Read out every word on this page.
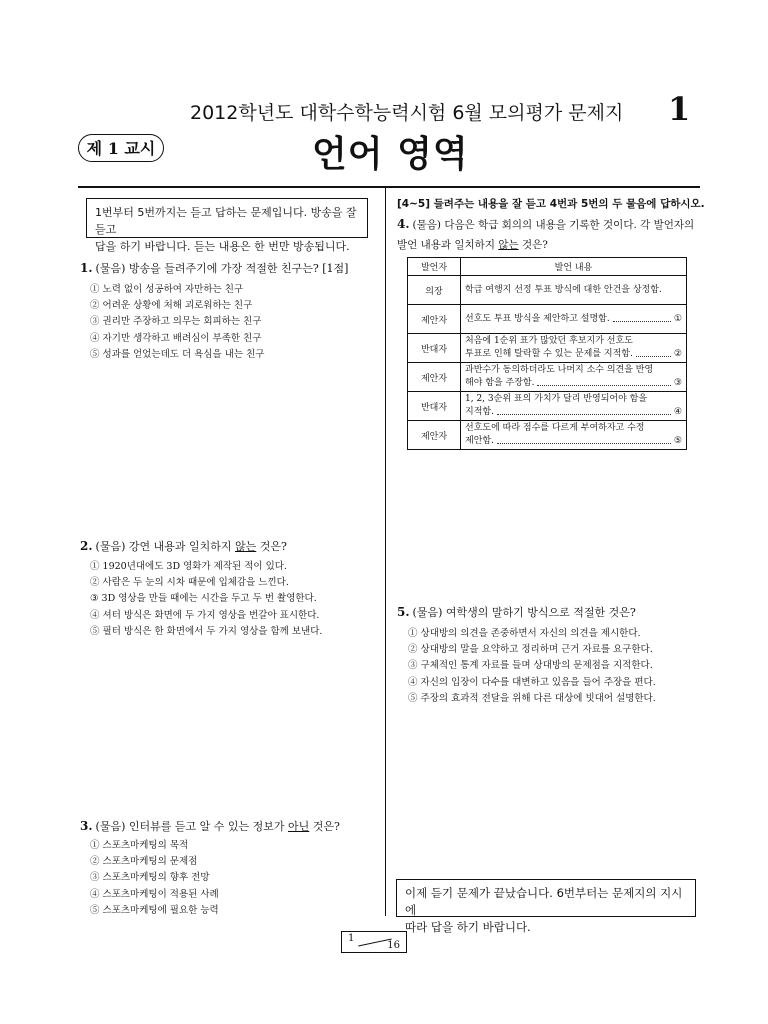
2012학년도 대학수학능력시험 6월 모의평가 문제지 1
제 1 교시	언어 영역
1번부터 5번까지는 듣고 답하는 문제입니다. 방송을 잘 듣고
답을 하기 바랍니다. 듣는 내용은 한 번만 방송됩니다.
1. (물음) 방송을 들려주기에 가장 적절한 친구는? [1점]
① 노력 없이 성공하여 자만하는 친구
② 어려운 상황에 처해 괴로워하는 친구
③ 권리만 주장하고 의무는 회피하는 친구
④ 자기만 생각하고 배려심이 부족한 친구
⑤ 성과를 얻었는데도 더 욕심을 내는 친구
2. (물음) 강연 내용과 일치하지 않는 것은?
① 1920년대에도 3D 영화가 제작된 적이 있다.
② 사람은 두 눈의 시차 때문에 입체감을 느낀다.
③ 3D 영상을 만들 때에는 시간을 두고 두 번 촬영한다.
④ 셔터 방식은 화면에 두 가지 영상을 번갈아 표시한다.
⑤ 필터 방식은 한 화면에서 두 가지 영상을 함께 보낸다.
3. (물음) 인터뷰를 듣고 알 수 있는 정보가 아닌 것은?
① 스포츠마케팅의 목적
② 스포츠마케팅의 문제점
③ 스포츠마케팅의 향후 전망
④ 스포츠마케팅이 적용된 사례
⑤ 스포츠마케팅에 필요한 능력
[4~5] 들려주는 내용을 잘 듣고 4번과 5번의 두 물음에 답하시오.
4. (물음) 다음은 학급 회의의 내용을 기록한 것이다. 각 발언자의 발언 내용과 일치하지 않는 것은?
발언자	발언 내용
의장	학급 여행지 선정 투표 방식에 대한 안건을 상정함.
제안자	선호도 투표 방식을 제안하고 설명함. ①

반대자	처음에 1순위 표가 많았던 후보지가 선호도
투표로 인해 탈락할 수 있는 문제를 지적함. ②

제안자	과반수가 동의하더라도 나머지 소수 의견을 반영
해야 함을 주장함. ③

반대자	1, 2, 3순위 표의 가치가 달리 반영되어야 함을
지적함. ④

제안자	선호도에 따라 점수를 다르게 부여하자고 수정
제안함. ⑤
5. (물음) 여학생의 말하기 방식으로 적절한 것은?
① 상대방의 의견을 존중하면서 자신의 의견을 제시한다.
② 상대방의 말을 요약하고 정리하며 근거 자료를 요구한다.
③ 구체적인 통계 자료를 들며 상대방의 문제점을 지적한다.
④ 자신의 입장이 다수를 대변하고 있음을 들어 주장을 편다.
⑤ 주장의 효과적 전달을 위해 다른 대상에 빗대어 설명한다.
이제 듣기 문제가 끝났습니다. 6번부터는 문제지의 지시에
따라 답을 하기 바랍니다.
1
16
